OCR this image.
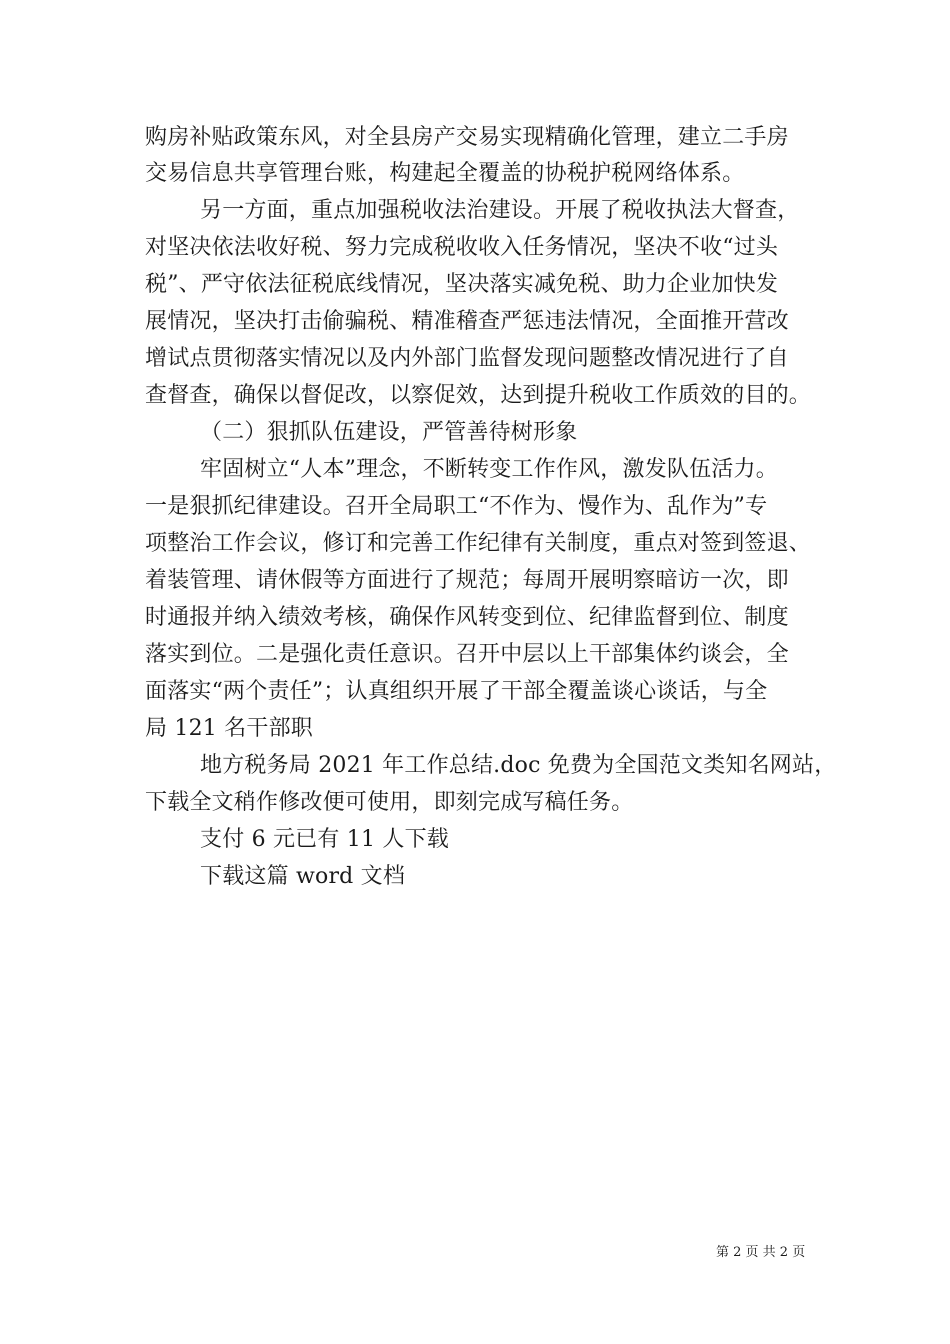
购房补贴政策东风，对全县房产交易实现精确化管理，建立二手房
交易信息共享管理台账，构建起全覆盖的协税护税网络体系。
另一方面，重点加强税收法治建设。开展了税收执法大督查，
对坚决依法收好税、努力完成税收收入任务情况，坚决不收“过头
税”、严守依法征税底线情况，坚决落实减免税、助力企业加快发
展情况，坚决打击偷骗税、精准稽查严惩违法情况，全面推开营改
增试点贯彻落实情况以及内外部门监督发现问题整改情况进行了自
查督查，确保以督促改，以察促效，达到提升税收工作质效的目的。
（二）狠抓队伍建设，严管善待树形象
牢固树立“人本”理念，不断转变工作作风，激发队伍活力。
一是狠抓纪律建设。召开全局职工“不作为、慢作为、乱作为”专
项整治工作会议，修订和完善工作纪律有关制度，重点对签到签退、
着装管理、请休假等方面进行了规范；每周开展明察暗访一次，即
时通报并纳入绩效考核，确保作风转变到位、纪律监督到位、制度
落实到位。二是强化责任意识。召开中层以上干部集体约谈会，全
面落实“两个责任”；认真组织开展了干部全覆盖谈心谈话，与全
局 121 名干部职
地方税务局 2021 年工作总结.doc 免费为全国范文类知名网站，
下载全文稍作修改便可使用，即刻完成写稿任务。
支付 6 元已有 11 人下载
下载这篇 word 文档
第 2 页 共 2 页
